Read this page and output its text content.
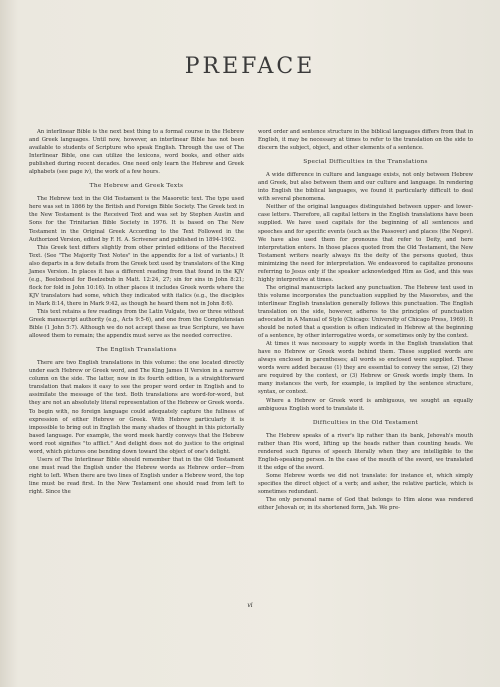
PREFACE

An interlinear Bible is the next best thing to a formal course in the Hebrew and Greek languages. Until now, however, an interlinear Bible has not been available to students of Scripture who speak English. Through the use of The Interlinear Bible, one can utilize the lexicons, word books, and other aids published during recent decades. One need only learn the Hebrew and Greek alphabets (see page iv), the work of a few hours.

The Hebrew and Greek Texts

The Hebrew text in the Old Testament is the Masoretic text. The type used here was set in 1866 by the British and Foreign Bible Society. The Greek text in the New Testament is the Received Text and was set by Stephen Austin and Sons for the Trinitarian Bible Society in 1976. It is based on The New Testament in the Original Greek According to the Text Followed in the Authorized Version, edited by F. H. A. Scrivener and published in 1894-1902.

This Greek text differs slightly from other printed editions of the Received Text. (See "The Majority Text Notes" in the appendix for a list of variants.) It also departs in a few details from the Greek text used by translators of the King James Version. In places it has a different reading from that found in the KJV (e.g., Beelzeboul for Beelzebub in Matt. 12:24, 27; sin for sins in John 8:21; flock for fold in John 10:16). In other places it includes Greek words where the KJV translators had some, which they indicated with italics (e.g., the disciples in Mark 8:14, there in Mark 9:42, as though he heard them not in John 8:6).

This text retains a few readings from the Latin Vulgate, two or three without Greek manuscript authority (e.g., Acts 9:5-6), and one from the Complutensian Bible (1 John 5:7). Although we do not accept these as true Scripture, we have allowed them to remain; the appendix must serve as the needed corrective.

The English Translations

There are two English translations in this volume: the one located directly under each Hebrew or Greek word, and The King James II Version in a narrow column on the side. The latter, now in its fourth edition, is a straightforward translation that makes it easy to see the proper word order in English and to assimilate the message of the text. Both translations are word-for-word, but they are not an absolutely literal representation of the Hebrew or Greek words. To begin with, no foreign language could adequately capture the fullness of expression of either Hebrew or Greek. With Hebrew particularly it is impossible to bring out in English the many shades of thought in this pictorially based language. For example, the word meek hardly conveys that the Hebrew word root signifies "to afflict." And delight does not do justice to the original word, which pictures one bending down toward the object of one's delight.

Users of The Interlinear Bible should remember that in the Old Testament one must read the English under the Hebrew words as Hebrew order—from right to left. When there are two lines of English under a Hebrew word, the top line must be read first. In the New Testament one should read from left to right. Since the

word order and sentence structure in the biblical languages differs from that in English, it may be necessary at times to refer to the translation on the side to discern the subject, object, and other elements of a sentence.

Special Difficulties in the Translations

A wide difference in culture and language exists, not only between Hebrew and Greek, but also between them and our culture and language. In rendering into English the biblical languages, we found it particularly difficult to deal with several phenomena.

Neither of the original languages distinguished between upper- and lower-case letters. Therefore, all capital letters in the English translations have been supplied. We have used capitals for the beginning of all sentences and speeches and for specific events (such as the Passover) and places (the Negev). We have also used them for pronouns that refer to Deity, and here interpretation enters. In those places quoted from the Old Testament, the New Testament writers nearly always fix the deity of the persons quoted, thus minimizing the need for interpretation. We endeavored to capitalize pronouns referring to Jesus only if the speaker acknowledged Him as God, and this was highly interpretive at times.

The original manuscripts lacked any punctuation. The Hebrew text used in this volume incorporates the punctuation supplied by the Masoretes, and the interlinear English translation generally follows this punctuation. The English translation on the side, however, adheres to the principles of punctuation advocated in A Manual of Style (Chicago: University of Chicago Press, 1969). It should be noted that a question is often indicated in Hebrew at the beginning of a sentence, by other interrogative words, or sometimes only by the context.

At times it was necessary to supply words in the English translation that have no Hebrew or Greek words behind them. These supplied words are always enclosed in parentheses; all words so enclosed were supplied. These words were added because (1) they are essential to convey the sense, (2) they are required by the context, or (3) Hebrew or Greek words imply them. In many instances the verb, for example, is implied by the sentence structure, syntax, or context.

Where a Hebrew or Greek word is ambiguous, we sought an equally ambiguous English word to translate it.

Difficulties in the Old Testament

The Hebrew speaks of a river's lip rather than its bank, Jehovah's mouth rather than His word, lifting up the heads rather than counting heads. We rendered such figures of speech literally when they are intelligible to the English-speaking person. In the case of the mouth of the sword, we translated it the edge of the sword.

Some Hebrew words we did not translate: for instance et, which simply specifies the direct object of a verb; and asher, the relative particle, which is sometimes redundant.

The only personal name of God that belongs to Him alone was rendered either Jehovah or, in its shortened form, Jah. We pre-

vi
